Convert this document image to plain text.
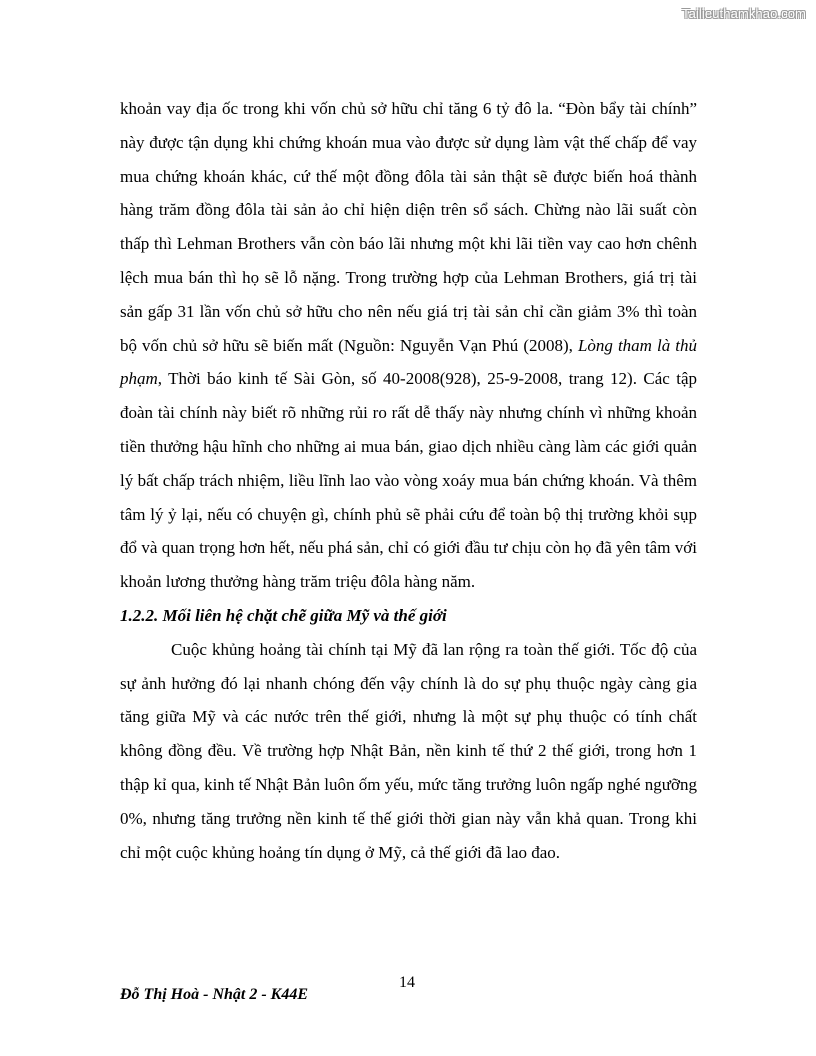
Tailieuthamkhao.com

khoản vay địa ốc trong khi vốn chủ sở hữu chỉ tăng 6 tỷ đô la. “Đòn bẩy tài chính” này được tận dụng khi chứng khoán mua vào được sử dụng làm vật thế chấp để vay mua chứng khoán khác, cứ thế một đồng đôla tài sản thật sẽ được biến hoá thành hàng trăm đồng đôla tài sản ảo chỉ hiện diện trên sổ sách. Chừng nào lãi suất còn thấp thì Lehman Brothers vẫn còn báo lãi nhưng một khi lãi tiền vay cao hơn chênh lệch mua bán thì họ sẽ lỗ nặng. Trong trường hợp của Lehman Brothers, giá trị tài sản gấp 31 lần vốn chủ sở hữu cho nên nếu giá trị tài sản chỉ cần giảm 3% thì toàn bộ vốn chủ sở hữu sẽ biến mất (Nguồn: Nguyễn Vạn Phú (2008), Lòng tham là thủ phạm, Thời báo kinh tế Sài Gòn, số 40-2008(928), 25-9-2008, trang 12). Các tập đoàn tài chính này biết rõ những rủi ro rất dễ thấy này nhưng chính vì những khoản tiền thưởng hậu hĩnh cho những ai mua bán, giao dịch nhiều càng làm các giới quản lý bất chấp trách nhiệm, liều lĩnh lao vào vòng xoáy mua bán chứng khoán. Và thêm tâm lý ỷ lại, nếu có chuyện gì, chính phủ sẽ phải cứu để toàn bộ thị trường khỏi sụp đổ và quan trọng hơn hết, nếu phá sản, chỉ có giới đầu tư chịu còn họ đã yên tâm với khoản lương thưởng hàng trăm triệu đôla hàng năm.

1.2.2. Mối liên hệ chặt chẽ giữa Mỹ và thế giới

Cuộc khủng hoảng tài chính tại Mỹ đã lan rộng ra toàn thế giới. Tốc độ của sự ảnh hưởng đó lại nhanh chóng đến vậy chính là do sự phụ thuộc ngày càng gia tăng giữa Mỹ và các nước trên thế giới, nhưng là một sự phụ thuộc có tính chất không đồng đều. Về trường hợp Nhật Bản, nền kinh tế thứ 2 thế giới, trong hơn 1 thập kỉ qua, kinh tế Nhật Bản luôn ốm yếu, mức tăng trưởng luôn ngấp nghé ngưỡng 0%, nhưng tăng trưởng nền kinh tế thế giới thời gian này vẫn khả quan. Trong khi chỉ một cuộc khủng hoảng tín dụng ở Mỹ, cả thế giới đã lao đao.

14
Đỗ Thị Hoà - Nhật 2 - K44E
